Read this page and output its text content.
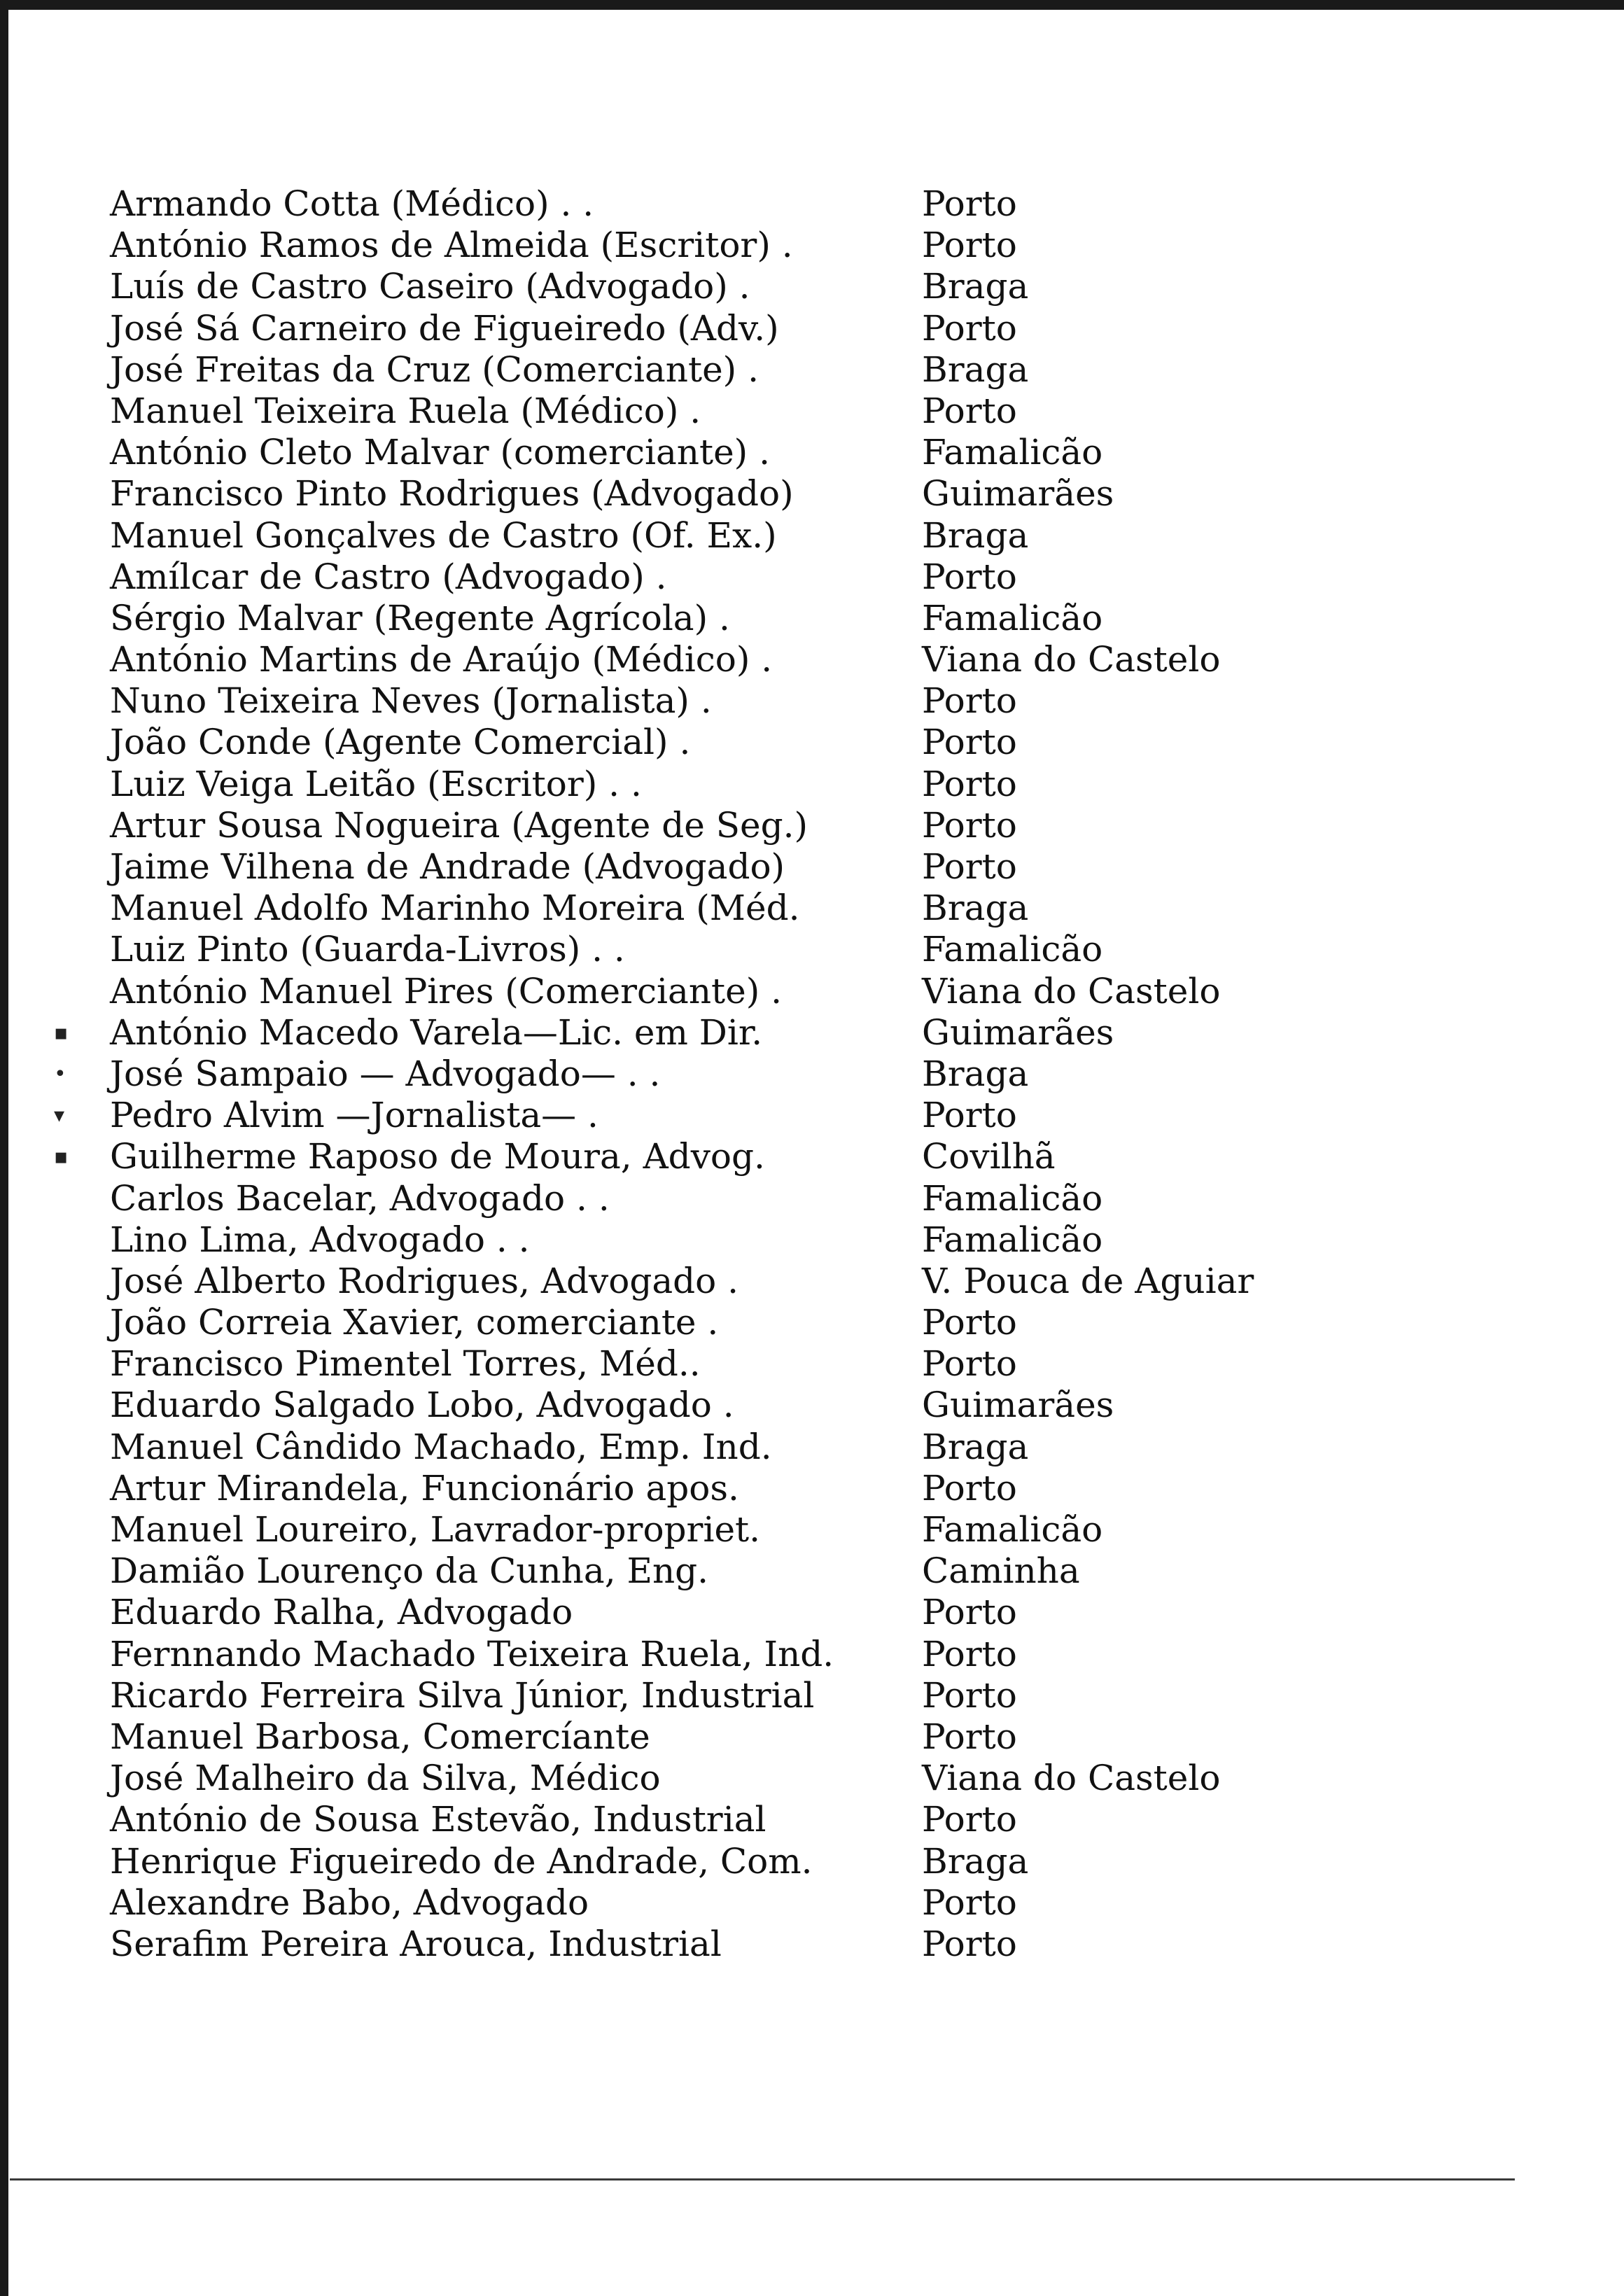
Armando Cotta (Médico) . .	Porto
António Ramos de Almeida (Escritor) .	Porto
Luís de Castro Caseiro (Advogado) .	Braga
José Sá Carneiro de Figueiredo (Adv.)	Porto
José Freitas da Cruz (Comerciante) .	Braga
Manuel Teixeira Ruela (Médico) .	Porto
António Cleto Malvar (comerciante) .	Famalicão
Francisco Pinto Rodrigues (Advogado)	Guimarães
Manuel Gonçalves de Castro (Of. Ex.)	Braga
Amílcar de Castro (Advogado) .	Porto
Sérgio Malvar (Regente Agrícola) .	Famalicão
António Martins de Araújo (Médico) .	Viana do Castelo
Nuno Teixeira Neves (Jornalista) .	Porto
João Conde (Agente Comercial) .	Porto
Luiz Veiga Leitão (Escritor) . .	Porto
Artur Sousa Nogueira (Agente de Seg.)	Porto
Jaime Vilhena de Andrade (Advogado)	Porto
Manuel Adolfo Marinho Moreira (Méd.	Braga
Luiz Pinto (Guarda-Livros) . .	Famalicão
António Manuel Pires (Comerciante) .	Viana do Castelo
▪ António Macedo Varela—Lic. em Dir.	Guimarães
• José Sampaio — Advogado— . .	Braga
▾ Pedro Alvim —Jornalista— .	Porto
▪ Guilherme Raposo de Moura, Advog.	Covilhã
Carlos Bacelar, Advogado . .	Famalicão
Lino Lima, Advogado . .	Famalicão
José Alberto Rodrigues, Advogado .	V. Pouca de Aguiar
João Correia Xavier, comerciante .	Porto
Francisco Pimentel Torres, Méd..	Porto
Eduardo Salgado Lobo, Advogado .	Guimarães
Manuel Cândido Machado, Emp. Ind.	Braga
Artur Mirandela, Funcionário apos.	Porto
Manuel Loureiro, Lavrador-propriet.	Famalicão
Damião Lourenço da Cunha, Eng.	Caminha
Eduardo Ralha, Advogado	Porto
Fernnando Machado Teixeira Ruela, Ind.	Porto
Ricardo Ferreira Silva Júnior, Industrial	Porto
Manuel Barbosa, Comercíante	Porto
José Malheiro da Silva, Médico	Viana do Castelo
António de Sousa Estevão, Industrial	Porto
Henrique Figueiredo de Andrade, Com.	Braga
Alexandre Babo, Advogado	Porto
Serafim Pereira Arouca, Industrial	Porto
